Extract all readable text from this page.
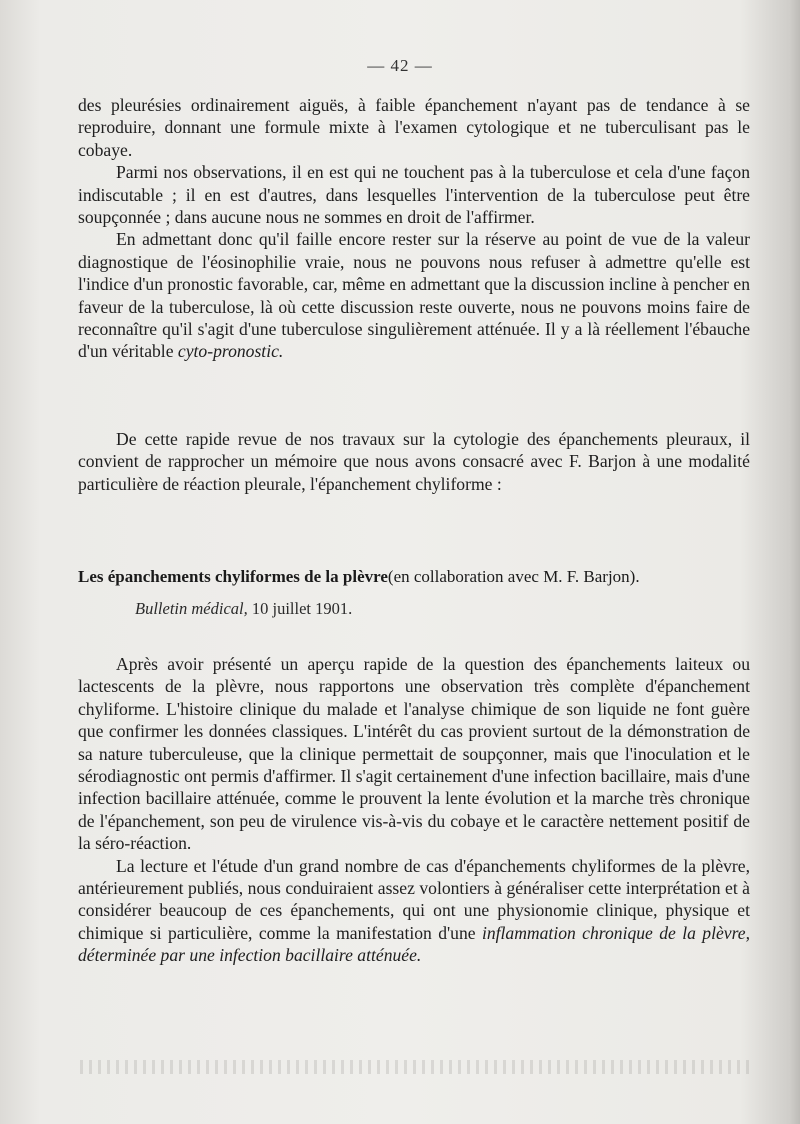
— 42 —

des pleurésies ordinairement aiguës, à faible épanchement n'ayant pas de tendance à se reproduire, donnant une formule mixte à l'examen cytologique et ne tuberculisant pas le cobaye.

Parmi nos observations, il en est qui ne touchent pas à la tuberculose et cela d'une façon indiscutable ; il en est d'autres, dans lesquelles l'intervention de la tuberculose peut être soupçonnée ; dans aucune nous ne sommes en droit de l'affirmer.

En admettant donc qu'il faille encore rester sur la réserve au point de vue de la valeur diagnostique de l'éosinophilie vraie, nous ne pouvons nous refuser à admettre qu'elle est l'indice d'un pronostic favorable, car, même en admettant que la discussion incline à pencher en faveur de la tuberculose, là où cette discussion reste ouverte, nous ne pouvons moins faire de reconnaître qu'il s'agit d'une tuberculose singulièrement atténuée. Il y a là réellement l'ébauche d'un véritable cyto-pronostic.

De cette rapide revue de nos travaux sur la cytologie des épanchements pleuraux, il convient de rapprocher un mémoire que nous avons consacré avec F. Barjon à une modalité particulière de réaction pleurale, l'épanchement chyliforme :

Les épanchements chyliformes de la plèvre(en collaboration avec M. F. Barjon).
Bulletin médical, 10 juillet 1901.

Après avoir présenté un aperçu rapide de la question des épanchements laiteux ou lactescents de la plèvre, nous rapportons une observation très complète d'épanchement chyliforme. L'histoire clinique du malade et l'analyse chimique de son liquide ne font guère que confirmer les données classiques. L'intérêt du cas provient surtout de la démonstration de sa nature tuberculeuse, que la clinique permettait de soupçonner, mais que l'inoculation et le sérodiagnostic ont permis d'affirmer. Il s'agit certainement d'une infection bacillaire, mais d'une infection bacillaire atténuée, comme le prouvent la lente évolution et la marche très chronique de l'épanchement, son peu de virulence vis-à-vis du cobaye et le caractère nettement positif de la séro-réaction.

La lecture et l'étude d'un grand nombre de cas d'épanchements chyliformes de la plèvre, antérieurement publiés, nous conduiraient assez volontiers à généraliser cette interprétation et à considérer beaucoup de ces épanchements, qui ont une physionomie clinique, physique et chimique si particulière, comme la manifestation d'une inflammation chronique de la plèvre, déterminée par une infection bacillaire atténuée.
